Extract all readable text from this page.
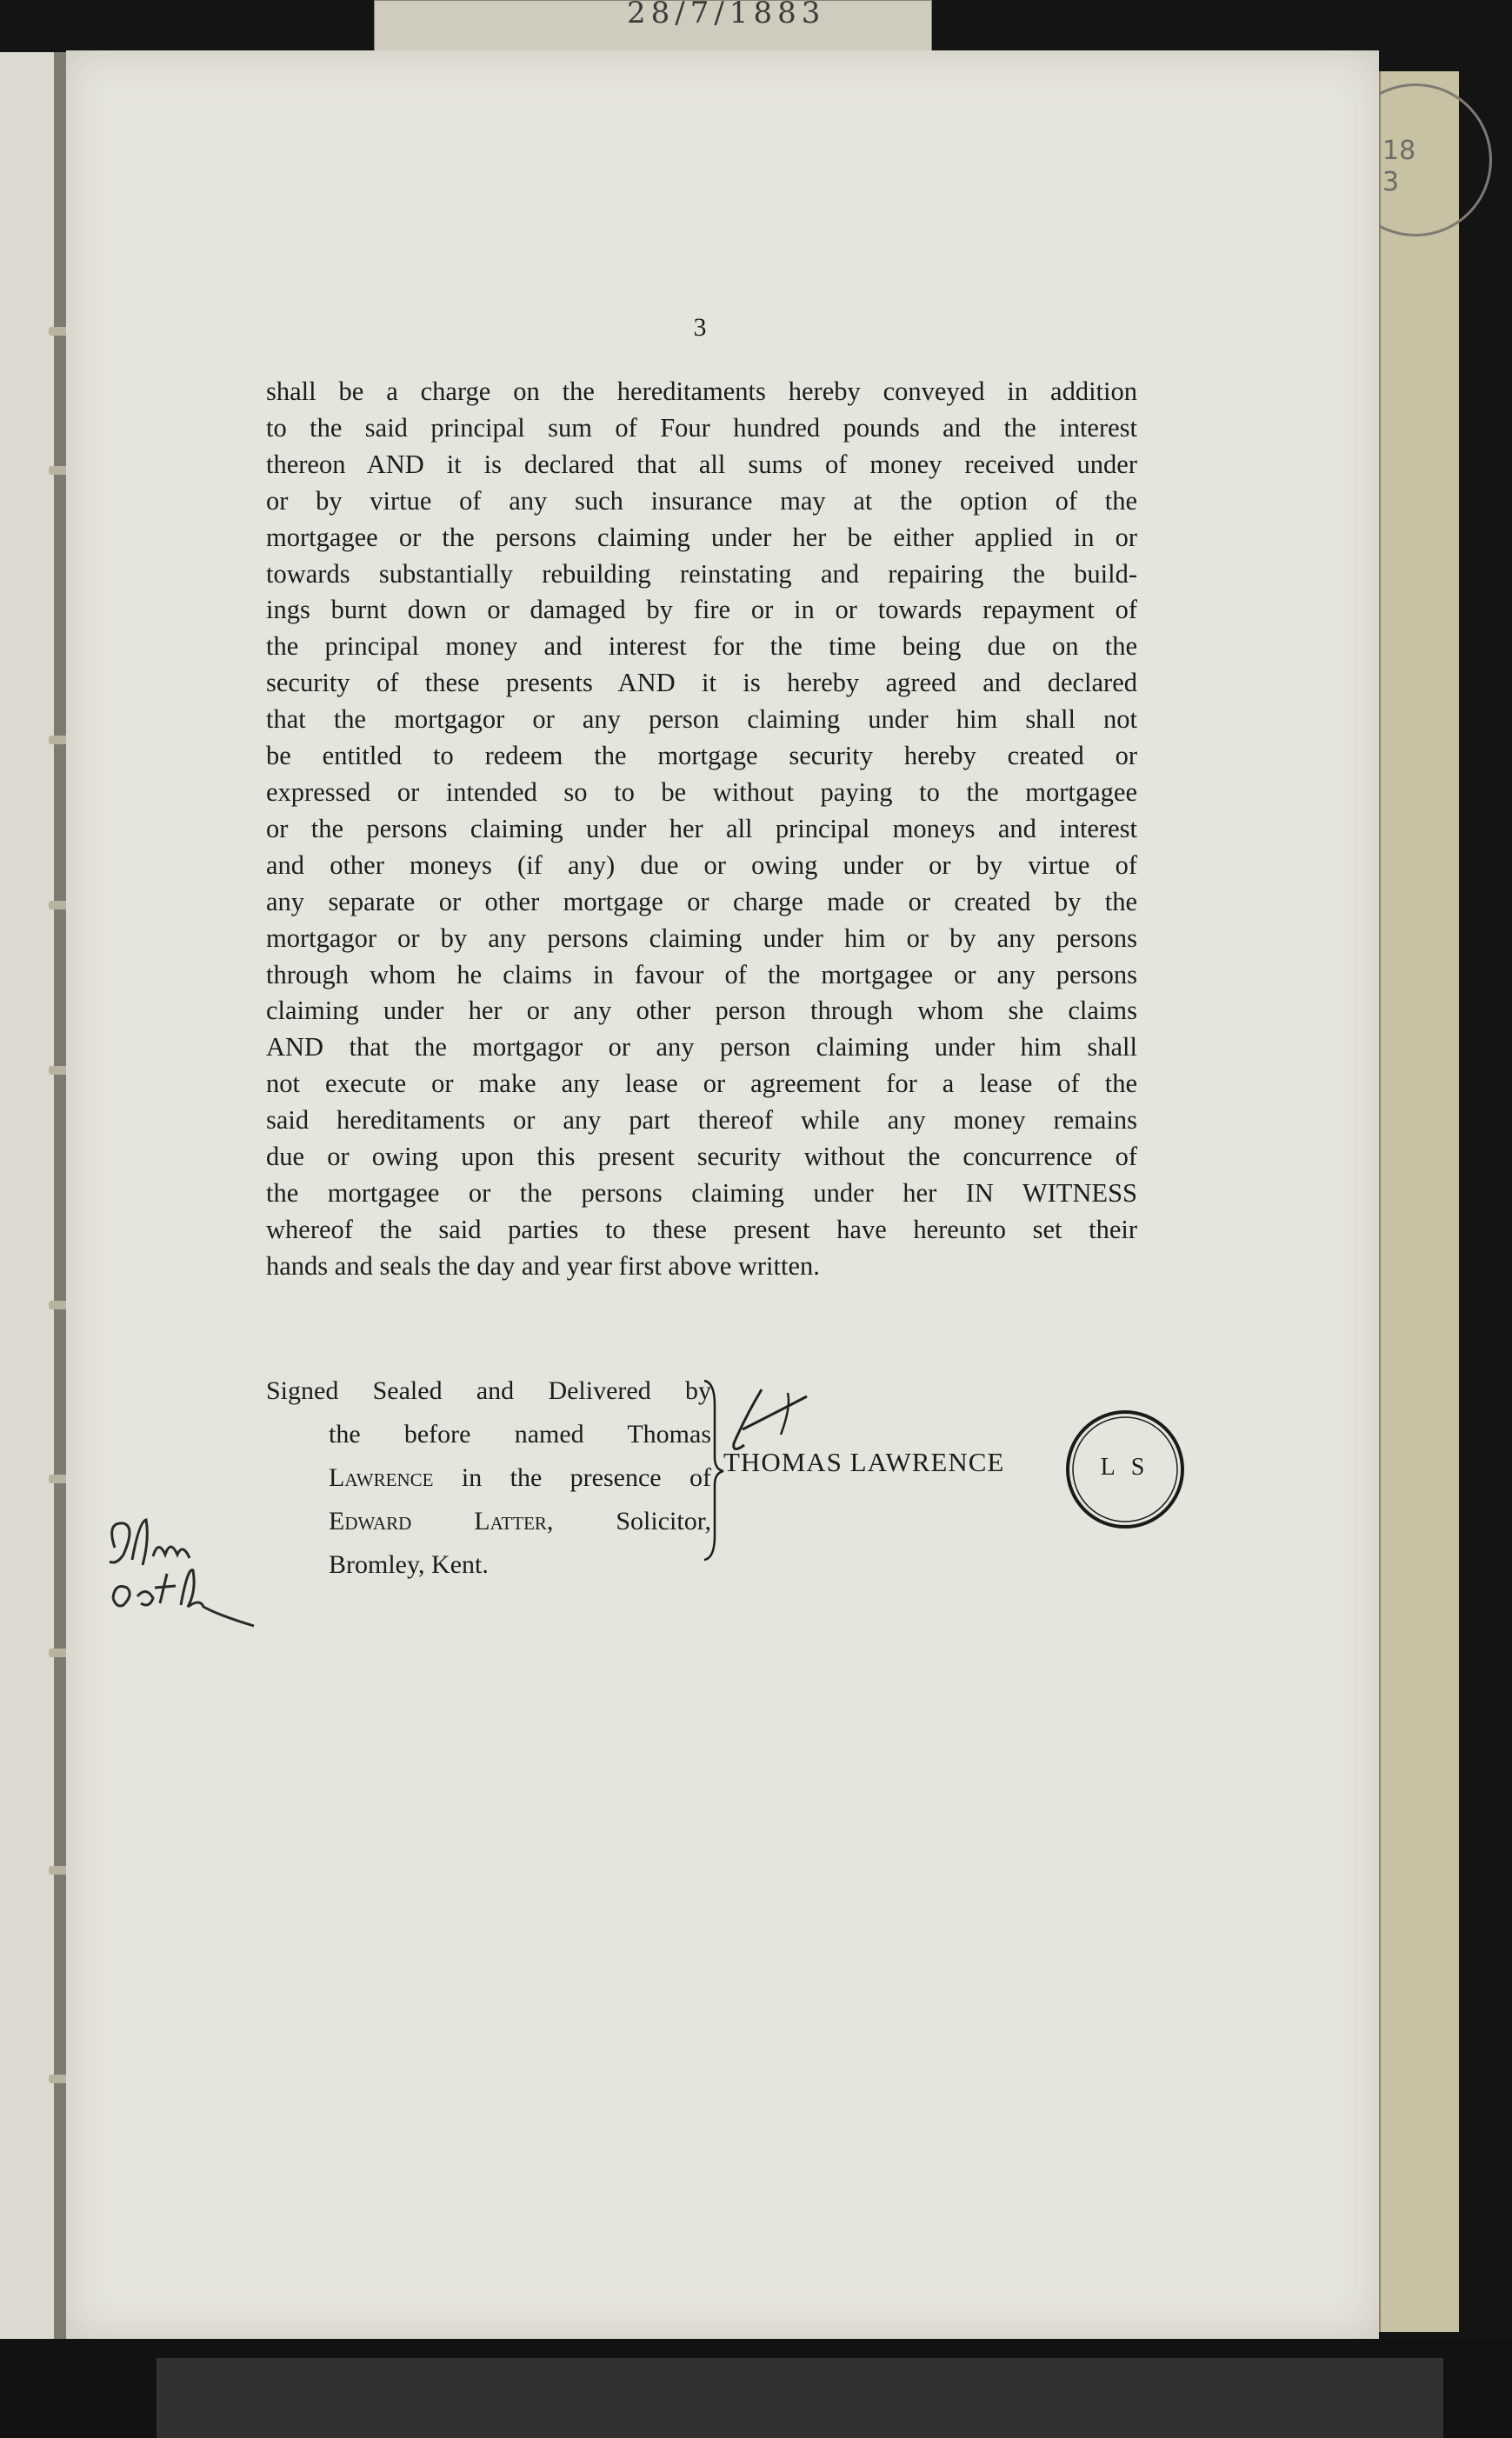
28/7/1883
18
3
3
shall be a charge on the hereditaments hereby conveyed in addition
to the said principal sum of Four hundred pounds and the interest
thereon AND it is declared that all sums of money received under
or by virtue of any such insurance may at the option of the
mortgagee or the persons claiming under her be either applied in or
towards substantially rebuilding reinstating and repairing the build-
ings burnt down or damaged by fire or in or towards repayment of
the principal money and interest for the time being due on the
security of these presents AND it is hereby agreed and declared
that the mortgagor or any person claiming under him shall not
be entitled to redeem the mortgage security hereby created or
expressed or intended so to be without paying to the mortgagee
or the persons claiming under her all principal moneys and interest
and other moneys (if any) due or owing under or by virtue of
any separate or other mortgage or charge made or created by the
mortgagor or by any persons claiming under him or by any persons
through whom he claims in favour of the mortgagee or any persons
claiming under her or any other person through whom she claims
AND that the mortgagor or any person claiming under him shall
not execute or make any lease or agreement for a lease of the
said hereditaments or any part thereof while any money remains
due or owing upon this present security without the concurrence of
the mortgagee or the persons claiming under her IN WITNESS
whereof the said parties to these present have hereunto set their
hands and seals the day and year first above written.
Signed Sealed and Delivered by
the before named Thomas
Lawrence in the presence of
Edward Latter, Solicitor,
Bromley, Kent.
THOMAS LAWRENCE	L S
